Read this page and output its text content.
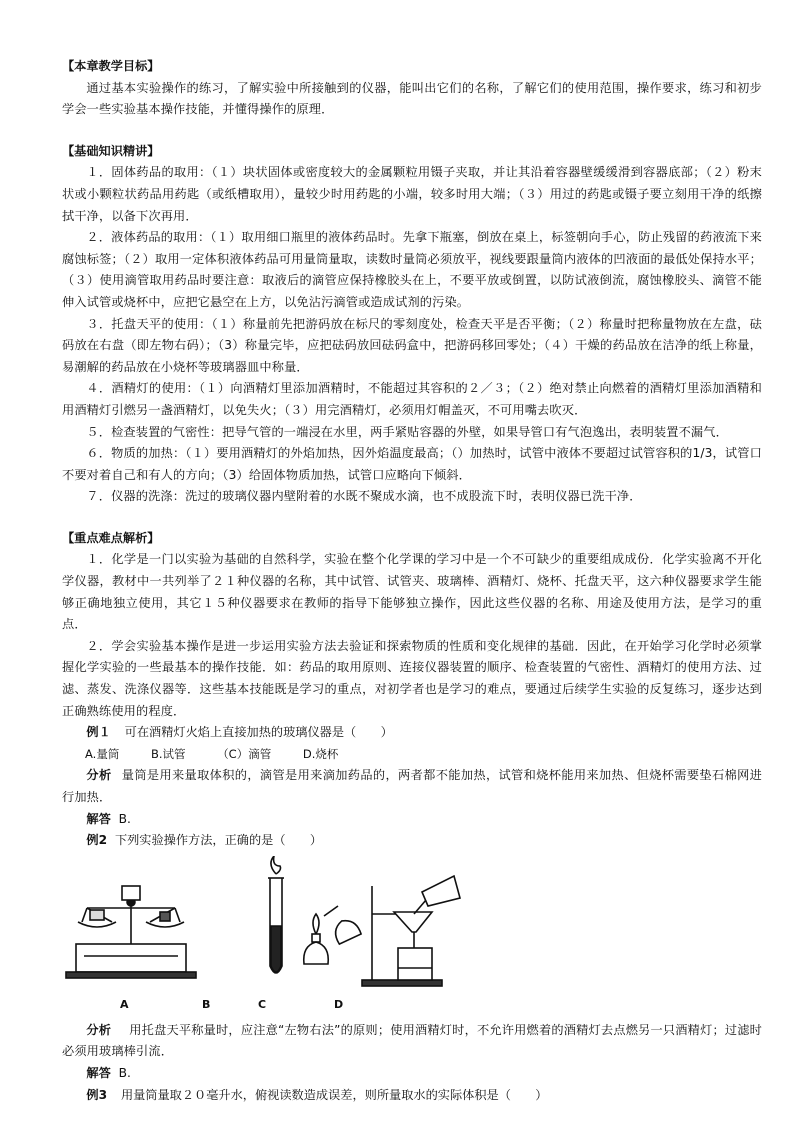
【本章教学目标】

通过基本实验操作的练习，了解实验中所接触到的仪器，能叫出它们的名称，了解它们的使用范围，操作要求，练习和初步学会一些实验基本操作技能，并懂得操作的原理．

【基础知识精讲】

１．固体药品的取用：（１）块状固体或密度较大的金属颗粒用镊子夹取，并让其沿着容器壁缓缓滑到容器底部；（２）粉末状或小颗粒状药品用药匙（或纸槽取用），量较少时用药匙的小端，较多时用大端；（３）用过的药匙或镊子要立刻用干净的纸擦拭干净，以备下次再用．

２．液体药品的取用：（１）取用细口瓶里的液体药品时。先拿下瓶塞，倒放在桌上，标签朝向手心，防止残留的药液流下来腐蚀标签；（２）取用一定体积液体药品可用量筒量取，读数时量筒必须放平，视线要跟量筒内液体的凹液面的最低处保持水平；（３）使用滴管取用药品时要注意：取液后的滴管应保持橡胶头在上，不要平放或倒置，以防试液倒流，腐蚀橡胶头、滴管不能伸入试管或烧杯中，应把它悬空在上方，以免沾污滴管或造成试剂的污染。

３．托盘天平的使用：（１）称量前先把游码放在标尺的零刻度处，检查天平是否平衡；（２）称量时把称量物放在左盘，砝码放在右盘（即左物右码）；（3）称量完毕，应把砝码放回砝码盒中，把游码移回零处；（４）干燥的药品放在洁净的纸上称量，易潮解的药品放在小烧杯等玻璃器皿中称量．

４．酒精灯的使用：（１）向酒精灯里添加酒精时，不能超过其容积的２／３；（２）绝对禁止向燃着的酒精灯里添加酒精和用酒精灯引燃另一盏酒精灯，以免失火；（３）用完酒精灯，必须用灯帽盖灭，不可用嘴去吹灭．

５．检查装置的气密性：把导气管的一端浸在水里，两手紧贴容器的外壁，如果导管口有气泡逸出，表明装置不漏气．

６．物质的加热：（１）要用酒精灯的外焰加热，因外焰温度最高；（）加热时，试管中液体不要超过试管容积的1/3，试管口不要对着自己和有人的方向；（3）给固体物质加热，试管口应略向下倾斜．

７．仪器的洗涤：洗过的玻璃仪器内壁附着的水既不聚成水滴，也不成股流下时，表明仪器已洗干净．

【重点难点解析】

１．化学是一门以实验为基础的自然科学，实验在整个化学课的学习中是一个不可缺少的重要组成成份．化学实验离不开化学仪器，教材中一共列举了２１种仪器的名称，其中试管、试管夹、玻璃棒、酒精灯、烧杯、托盘天平，这六种仪器要求学生能够正确地独立使用，其它１５种仪器要求在教师的指导下能够独立操作，因此这些仪器的名称、用途及使用方法，是学习的重点．

２．学会实验基本操作是进一步运用实验方法去验证和探索物质的性质和变化规律的基础．因此，在开始学习化学时必须掌握化学实验的一些最基本的操作技能．如：药品的取用原则、连接仪器装置的顺序、检查装置的气密性、酒精灯的使用方法、过滤、蒸发、洗涤仪器等．这些基本技能既是学习的重点，对初学者也是学习的难点，要通过后续学生实验的反复练习，逐步达到正确熟练使用的程度．

例１ 可在酒精灯火焰上直接加热的玻璃仪器是（　　）

A.量筒	B.试管	（C）滴管	D.烧杯

分析 量筒是用来量取体积的，滴管是用来滴加药品的，两者都不能加热，试管和烧杯能用来加热、但烧杯需要垫石棉网进行加热．

解答 B.

例2 下列实验操作方法，正确的是（　　）

A	B	C	D

分析 用托盘天平称量时，应注意“左物右法”的原则；使用酒精灯时，不允许用燃着的酒精灯去点燃另一只酒精灯；过滤时必须用玻璃棒引流．

解答 B.

例3 用量筒量取２０毫升水，俯视读数造成误差，则所量取水的实际体积是（　　）
